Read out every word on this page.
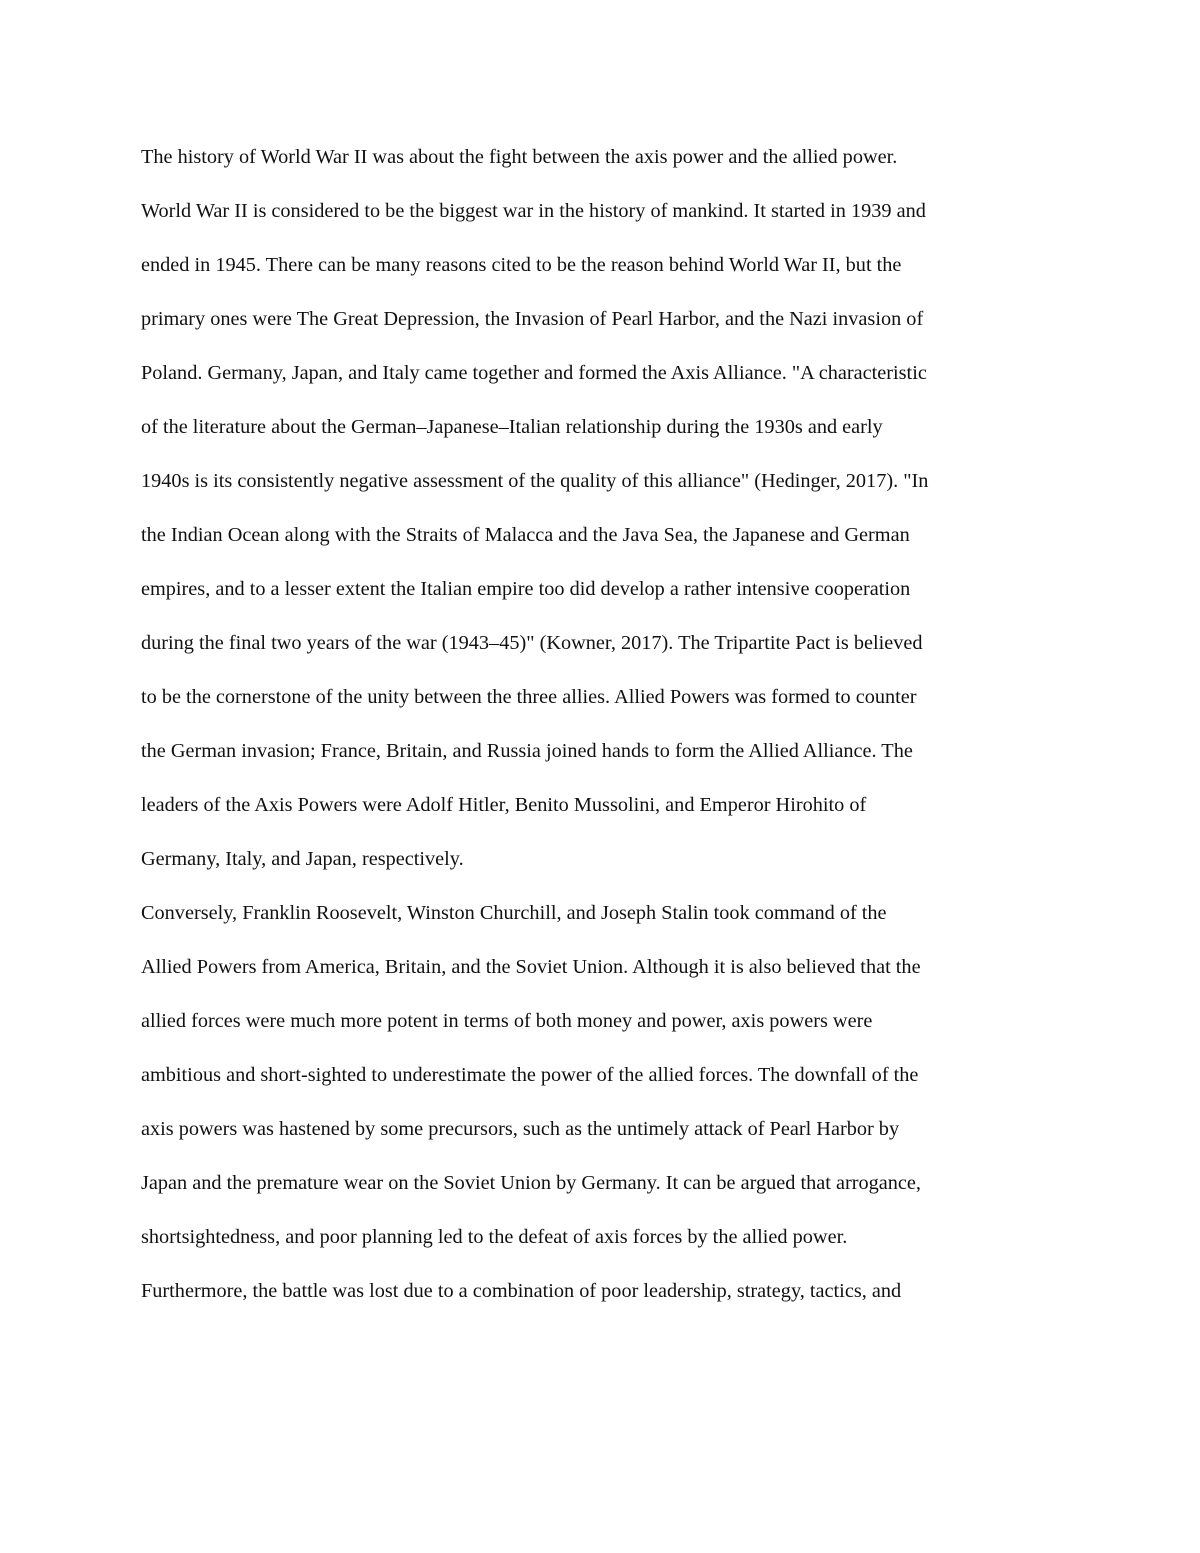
The history of World War II was about the fight between the axis power and the allied power.
World War II is considered to be the biggest war in the history of mankind. It started in 1939 and
ended in 1945. There can be many reasons cited to be the reason behind World War II, but the
primary ones were The Great Depression, the Invasion of Pearl Harbor, and the Nazi invasion of
Poland. Germany, Japan, and Italy came together and formed the Axis Alliance. "A characteristic
of the literature about the German–Japanese–Italian relationship during the 1930s and early
1940s is its consistently negative assessment of the quality of this alliance" (Hedinger, 2017). "In
the Indian Ocean along with the Straits of Malacca and the Java Sea, the Japanese and German
empires, and to a lesser extent the Italian empire too did develop a rather intensive cooperation
during the final two years of the war (1943–45)" (Kowner, 2017). The Tripartite Pact is believed
to be the cornerstone of the unity between the three allies. Allied Powers was formed to counter
the German invasion; France, Britain, and Russia joined hands to form the Allied Alliance. The
leaders of the Axis Powers were Adolf Hitler, Benito Mussolini, and Emperor Hirohito of
Germany, Italy, and Japan, respectively.
Conversely, Franklin Roosevelt, Winston Churchill, and Joseph Stalin took command of the
Allied Powers from America, Britain, and the Soviet Union. Although it is also believed that the
allied forces were much more potent in terms of both money and power, axis powers were
ambitious and short-sighted to underestimate the power of the allied forces. The downfall of the
axis powers was hastened by some precursors, such as the untimely attack of Pearl Harbor by
Japan and the premature wear on the Soviet Union by Germany. It can be argued that arrogance,
shortsightedness, and poor planning led to the defeat of axis forces by the allied power.
Furthermore, the battle was lost due to a combination of poor leadership, strategy, tactics, and
